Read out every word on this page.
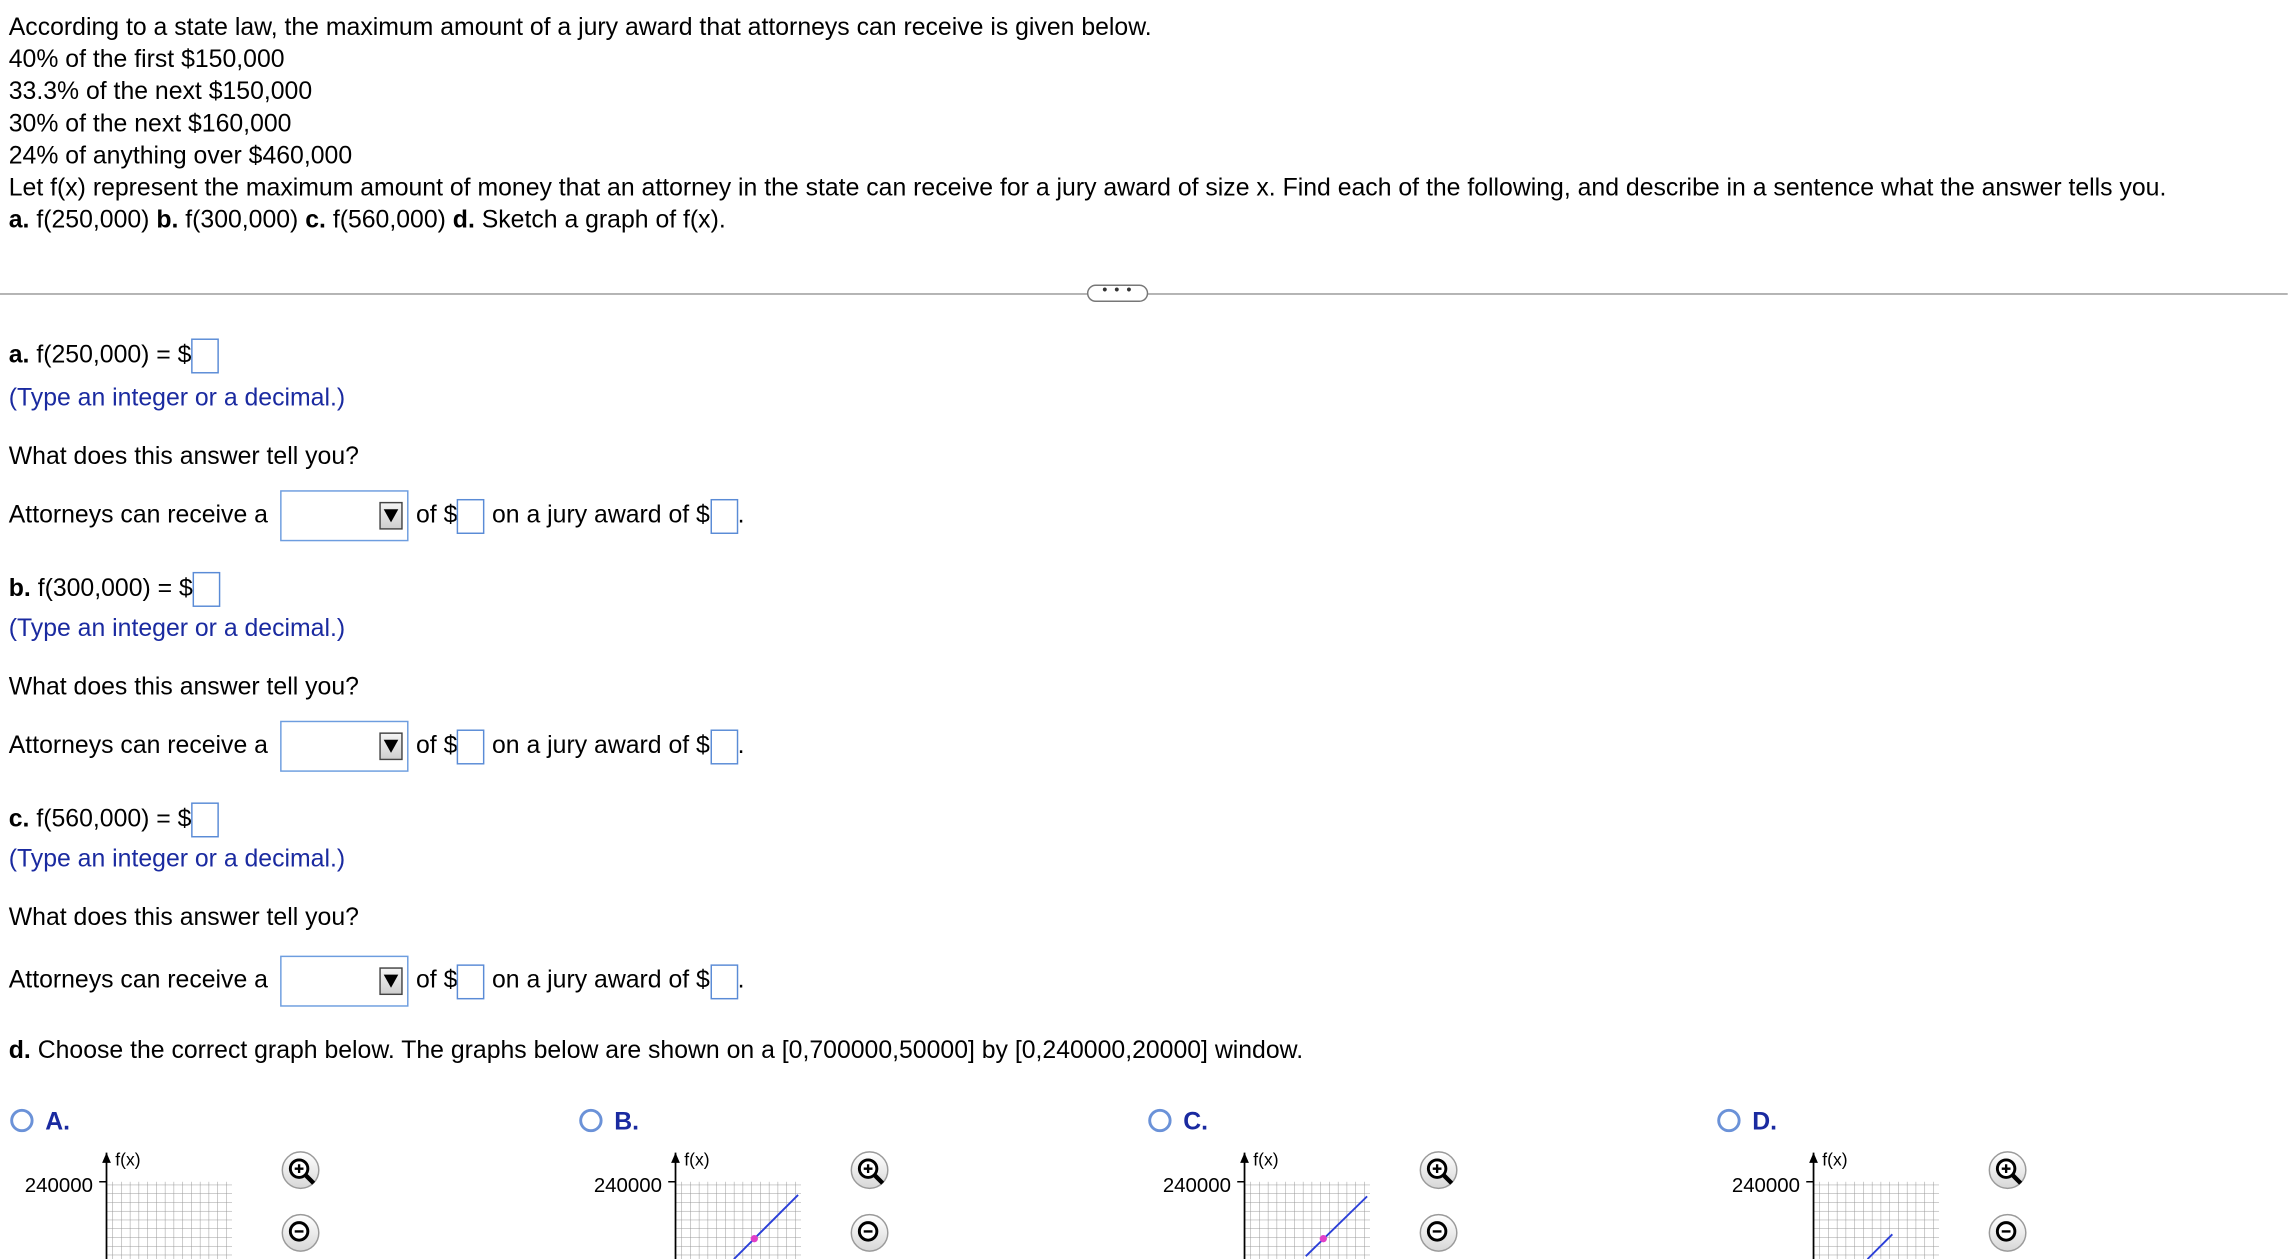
According to a state law, the maximum amount of a jury award that attorneys can receive is given below.
40% of the first $150,000
33.3% of the next $150,000
30% of the next $160,000
24% of anything over $460,000
Let f(x) represent the maximum amount of money that an attorney in the state can receive for a jury award of size x. Find each of the following, and describe in a sentence what the answer tells you.
a. f(250,000) b. f(300,000) c. f(560,000) d. Sketch a graph of f(x).
• • •
a. f(250,000) = $
(Type an integer or a decimal.)
What does this answer tell you?
Attorneys can receive a	of $ on a jury award of $ .
b. f(300,000) = $
(Type an integer or a decimal.)
What does this answer tell you?
Attorneys can receive a	of $ on a jury award of $ .
c. f(560,000) = $
(Type an integer or a decimal.)
What does this answer tell you?
Attorneys can receive a	of $ on a jury award of $ .
d. Choose the correct graph below. The graphs below are shown on a [0,700000,50000] by [0,240000,20000] window.
A.	B.	C.	D.
f(x)
240000
f(x)
240000
f(x)
240000
f(x)
240000
